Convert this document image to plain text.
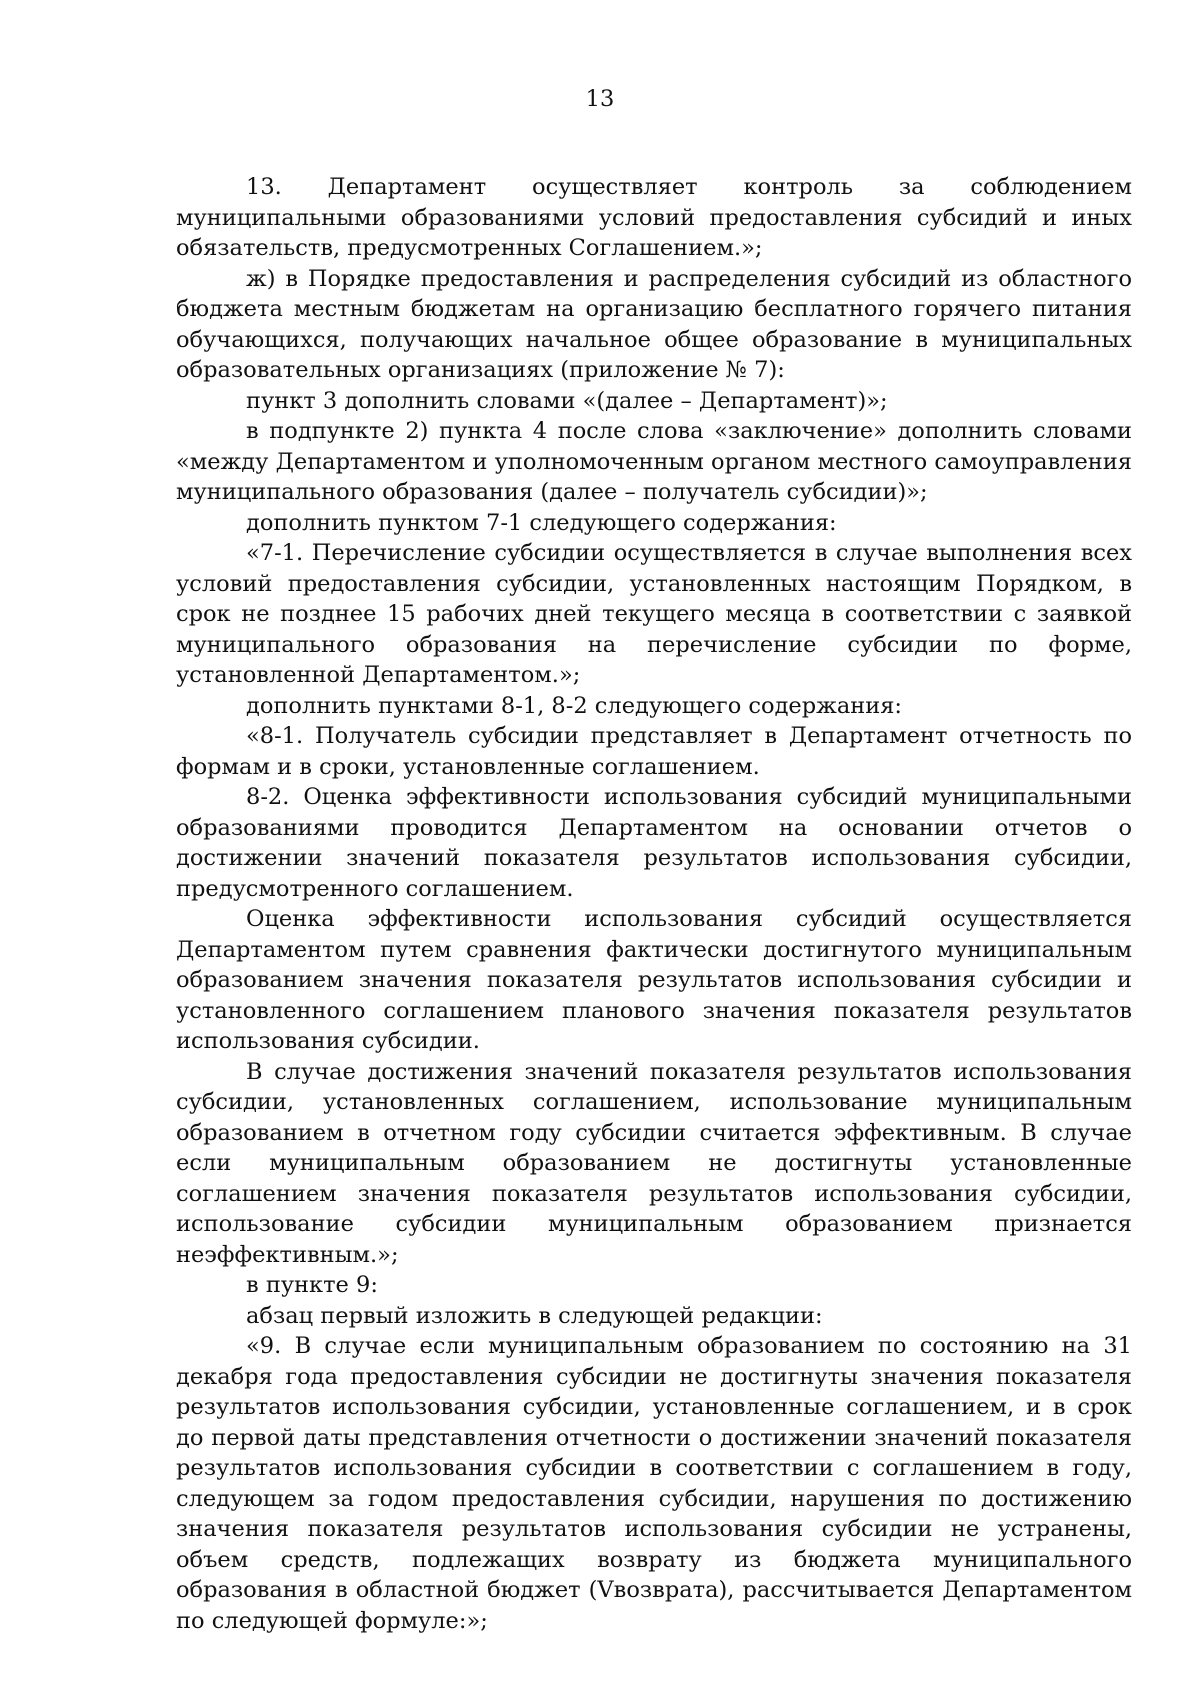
13

13. Департамент осуществляет контроль за соблюдением муниципальными образованиями условий предоставления субсидий и иных обязательств, предусмотренных Соглашением.»;

ж) в Порядке предоставления и распределения субсидий из областного бюджета местным бюджетам на организацию бесплатного горячего питания обучающихся, получающих начальное общее образование в муниципальных образовательных организациях (приложение № 7):

пункт 3 дополнить словами «(далее – Департамент)»;

в подпункте 2) пункта 4 после слова «заключение» дополнить словами «между Департаментом и уполномоченным органом местного самоуправления муниципального образования (далее – получатель субсидии)»;

дополнить пунктом 7-1 следующего содержания:

«7-1. Перечисление субсидии осуществляется в случае выполнения всех условий предоставления субсидии, установленных настоящим Порядком, в срок не позднее 15 рабочих дней текущего месяца в соответствии с заявкой муниципального образования на перечисление субсидии по форме, установленной Департаментом.»;

дополнить пунктами 8-1, 8-2 следующего содержания:

«8-1. Получатель субсидии представляет в Департамент отчетность по формам и в сроки, установленные соглашением.

8-2. Оценка эффективности использования субсидий муниципальными образованиями проводится Департаментом на основании отчетов о достижении значений показателя результатов использования субсидии, предусмотренного соглашением.

Оценка эффективности использования субсидий осуществляется Департаментом путем сравнения фактически достигнутого муниципальным образованием значения показателя результатов использования субсидии и установленного соглашением планового значения показателя результатов использования субсидии.

В случае достижения значений показателя результатов использования субсидии, установленных соглашением, использование муниципальным образованием в отчетном году субсидии считается эффективным. В случае если муниципальным образованием не достигнуты установленные соглашением значения показателя результатов использования субсидии, использование субсидии муниципальным образованием признается неэффективным.»;

в пункте 9:

абзац первый изложить в следующей редакции:

«9. В случае если муниципальным образованием по состоянию на 31 декабря года предоставления субсидии не достигнуты значения показателя результатов использования субсидии, установленные соглашением, и в срок до первой даты представления отчетности о достижении значений показателя результатов использования субсидии в соответствии с соглашением в году, следующем за годом предоставления субсидии, нарушения по достижению значения показателя результатов использования субсидии не устранены, объем средств, подлежащих возврату из бюджета муниципального образования в областной бюджет (Vвозврата), рассчитывается Департаментом по следующей формуле:»;
